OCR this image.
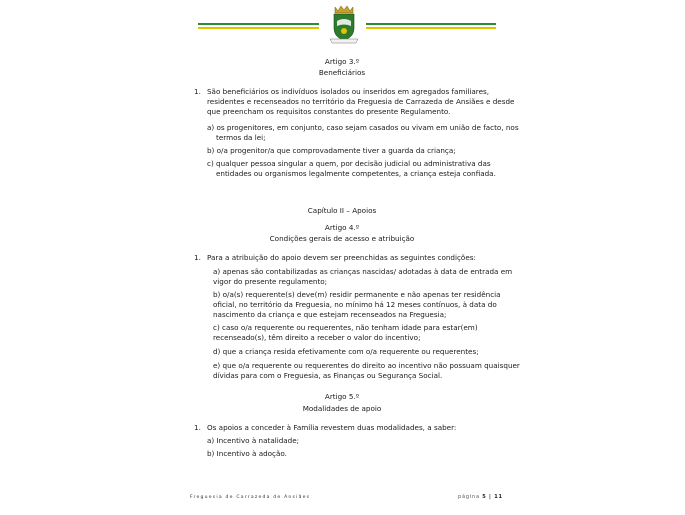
Artigo 3.º
Beneficiários
1. São beneficiários os indivíduos isolados ou inseridos em agregados familiares,
residentes e recenseados no território da Freguesia de Carrazeda de Ansiães e desde
que preencham os requisitos constantes do presente Regulamento.
a) os progenitores, em conjunto, caso sejam casados ou vivam em união de facto, nos
termos da lei;
b) o/a progenitor/a que comprovadamente tiver a guarda da criança;
c) qualquer pessoa singular a quem, por decisão judicial ou administrativa das
entidades ou organismos legalmente competentes, a criança esteja confiada.
Capítulo II – Apoios
Artigo 4.º
Condições gerais de acesso e atribuição
1. Para a atribuição do apoio devem ser preenchidas as seguintes condições:
a) apenas são contabilizadas as crianças nascidas/ adotadas à data de entrada em
vigor do presente regulamento;
b) o/a(s) requerente(s) deve(m) residir permanente e não apenas ter residência
oficial, no território da Freguesia, no mínimo há 12 meses contínuos, à data do
nascimento da criança e que estejam recenseados na Freguesia;
c) caso o/a requerente ou requerentes, não tenham idade para estar(em)
recenseado(s), têm direito a receber o valor do incentivo;
d) que a criança resida efetivamente com o/a requerente ou requerentes;
e) que o/a requerente ou requerentes do direito ao incentivo não possuam quaisquer
dívidas para com o Freguesia, as Finanças ou Segurança Social.
Artigo 5.º
Modalidades de apoio
1. Os apoios a conceder à Família revestem duas modalidades, a saber:
a) Incentivo à natalidade;
b) Incentivo à adoção.
Freguesia de Carrazeda de Ansiães	página 5 | 11
